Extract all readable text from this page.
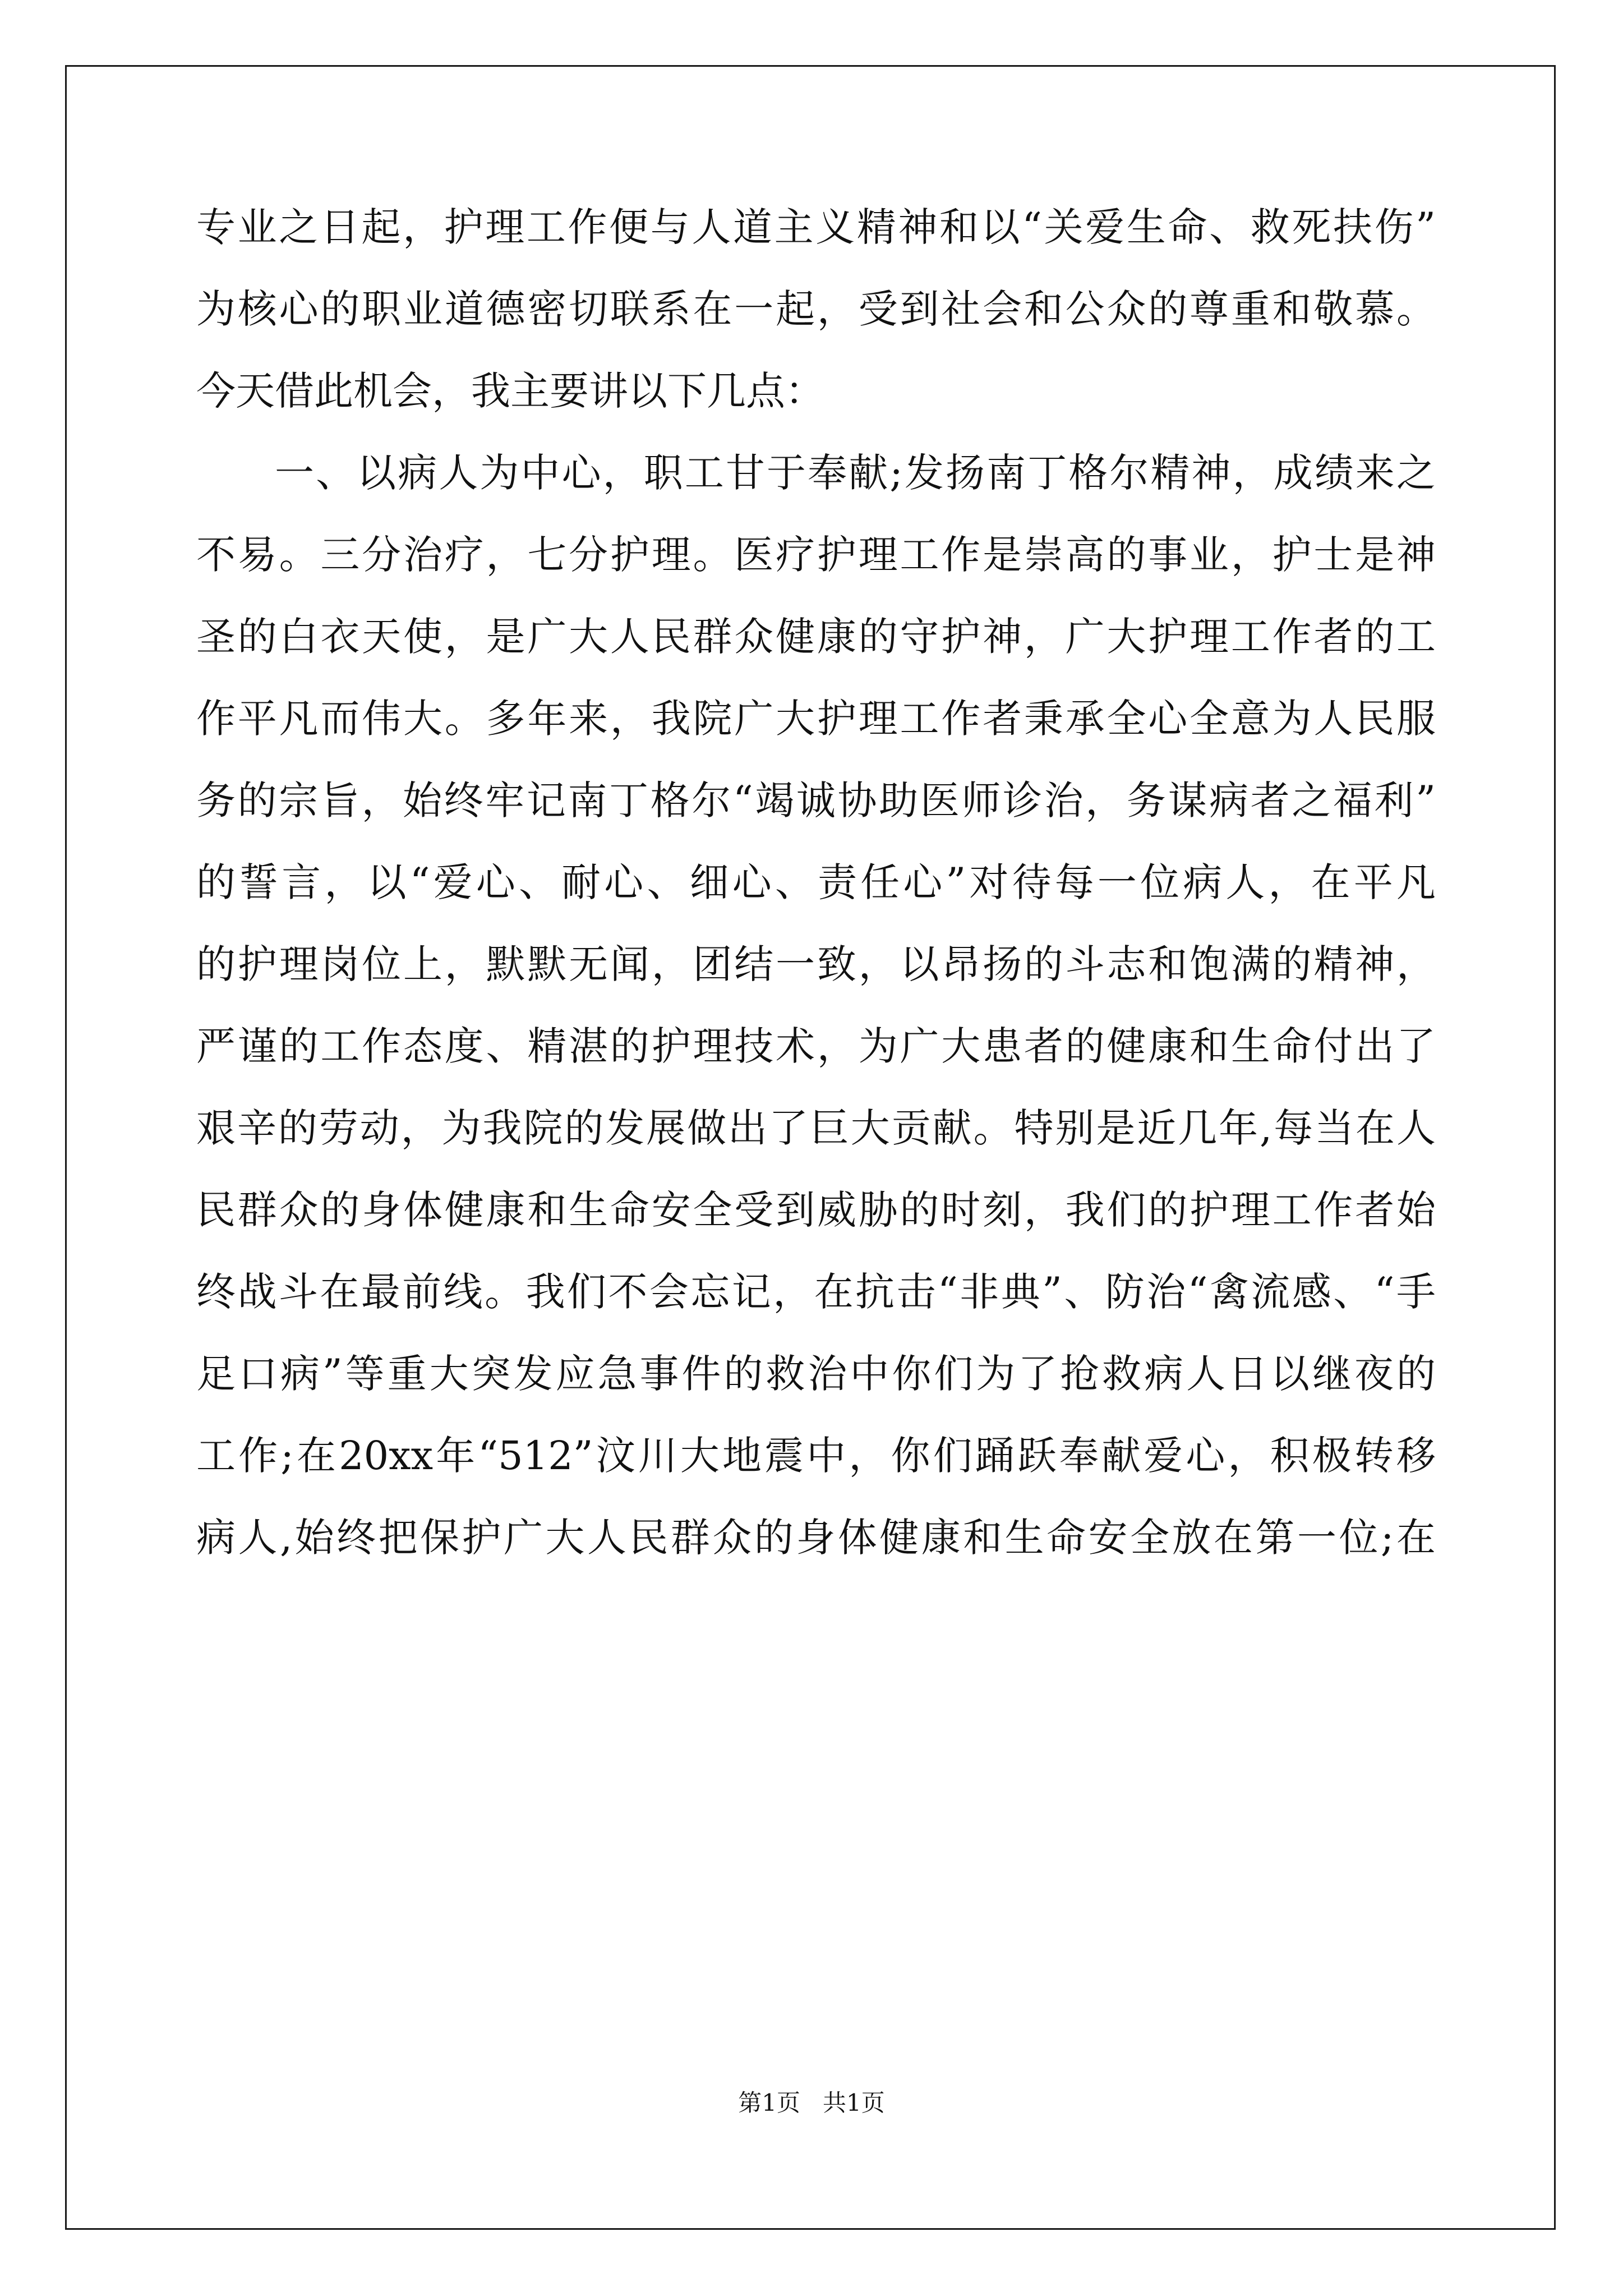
专业之日起，护理工作便与人道主义精神和以“关爱生命、救死扶伤”
为核心的职业道德密切联系在一起，受到社会和公众的尊重和敬慕。
今天借此机会，我主要讲以下几点：
一、以病人为中心，职工甘于奉献;发扬南丁格尔精神，成绩来之
不易。三分治疗，七分护理。医疗护理工作是崇高的事业，护士是神
圣的白衣天使，是广大人民群众健康的守护神，广大护理工作者的工
作平凡而伟大。多年来，我院广大护理工作者秉承全心全意为人民服
务的宗旨，始终牢记南丁格尔“竭诚协助医师诊治，务谋病者之福利”
的誓言，以“爱心、耐心、细心、责任心”对待每一位病人，在平凡
的护理岗位上，默默无闻，团结一致，以昂扬的斗志和饱满的精神，
严谨的工作态度、精湛的护理技术，为广大患者的健康和生命付出了
艰辛的劳动，为我院的发展做出了巨大贡献。特别是近几年,每当在人
民群众的身体健康和生命安全受到威胁的时刻，我们的护理工作者始
终战斗在最前线。我们不会忘记，在抗击“非典”、防治“禽流感、“手
足口病”等重大突发应急事件的救治中你们为了抢救病人日以继夜的
工作;在20xx年“512”汶川大地震中，你们踊跃奉献爱心，积极转移
病人,始终把保护广大人民群众的身体健康和生命安全放在第一位;在
第1页   共1页
